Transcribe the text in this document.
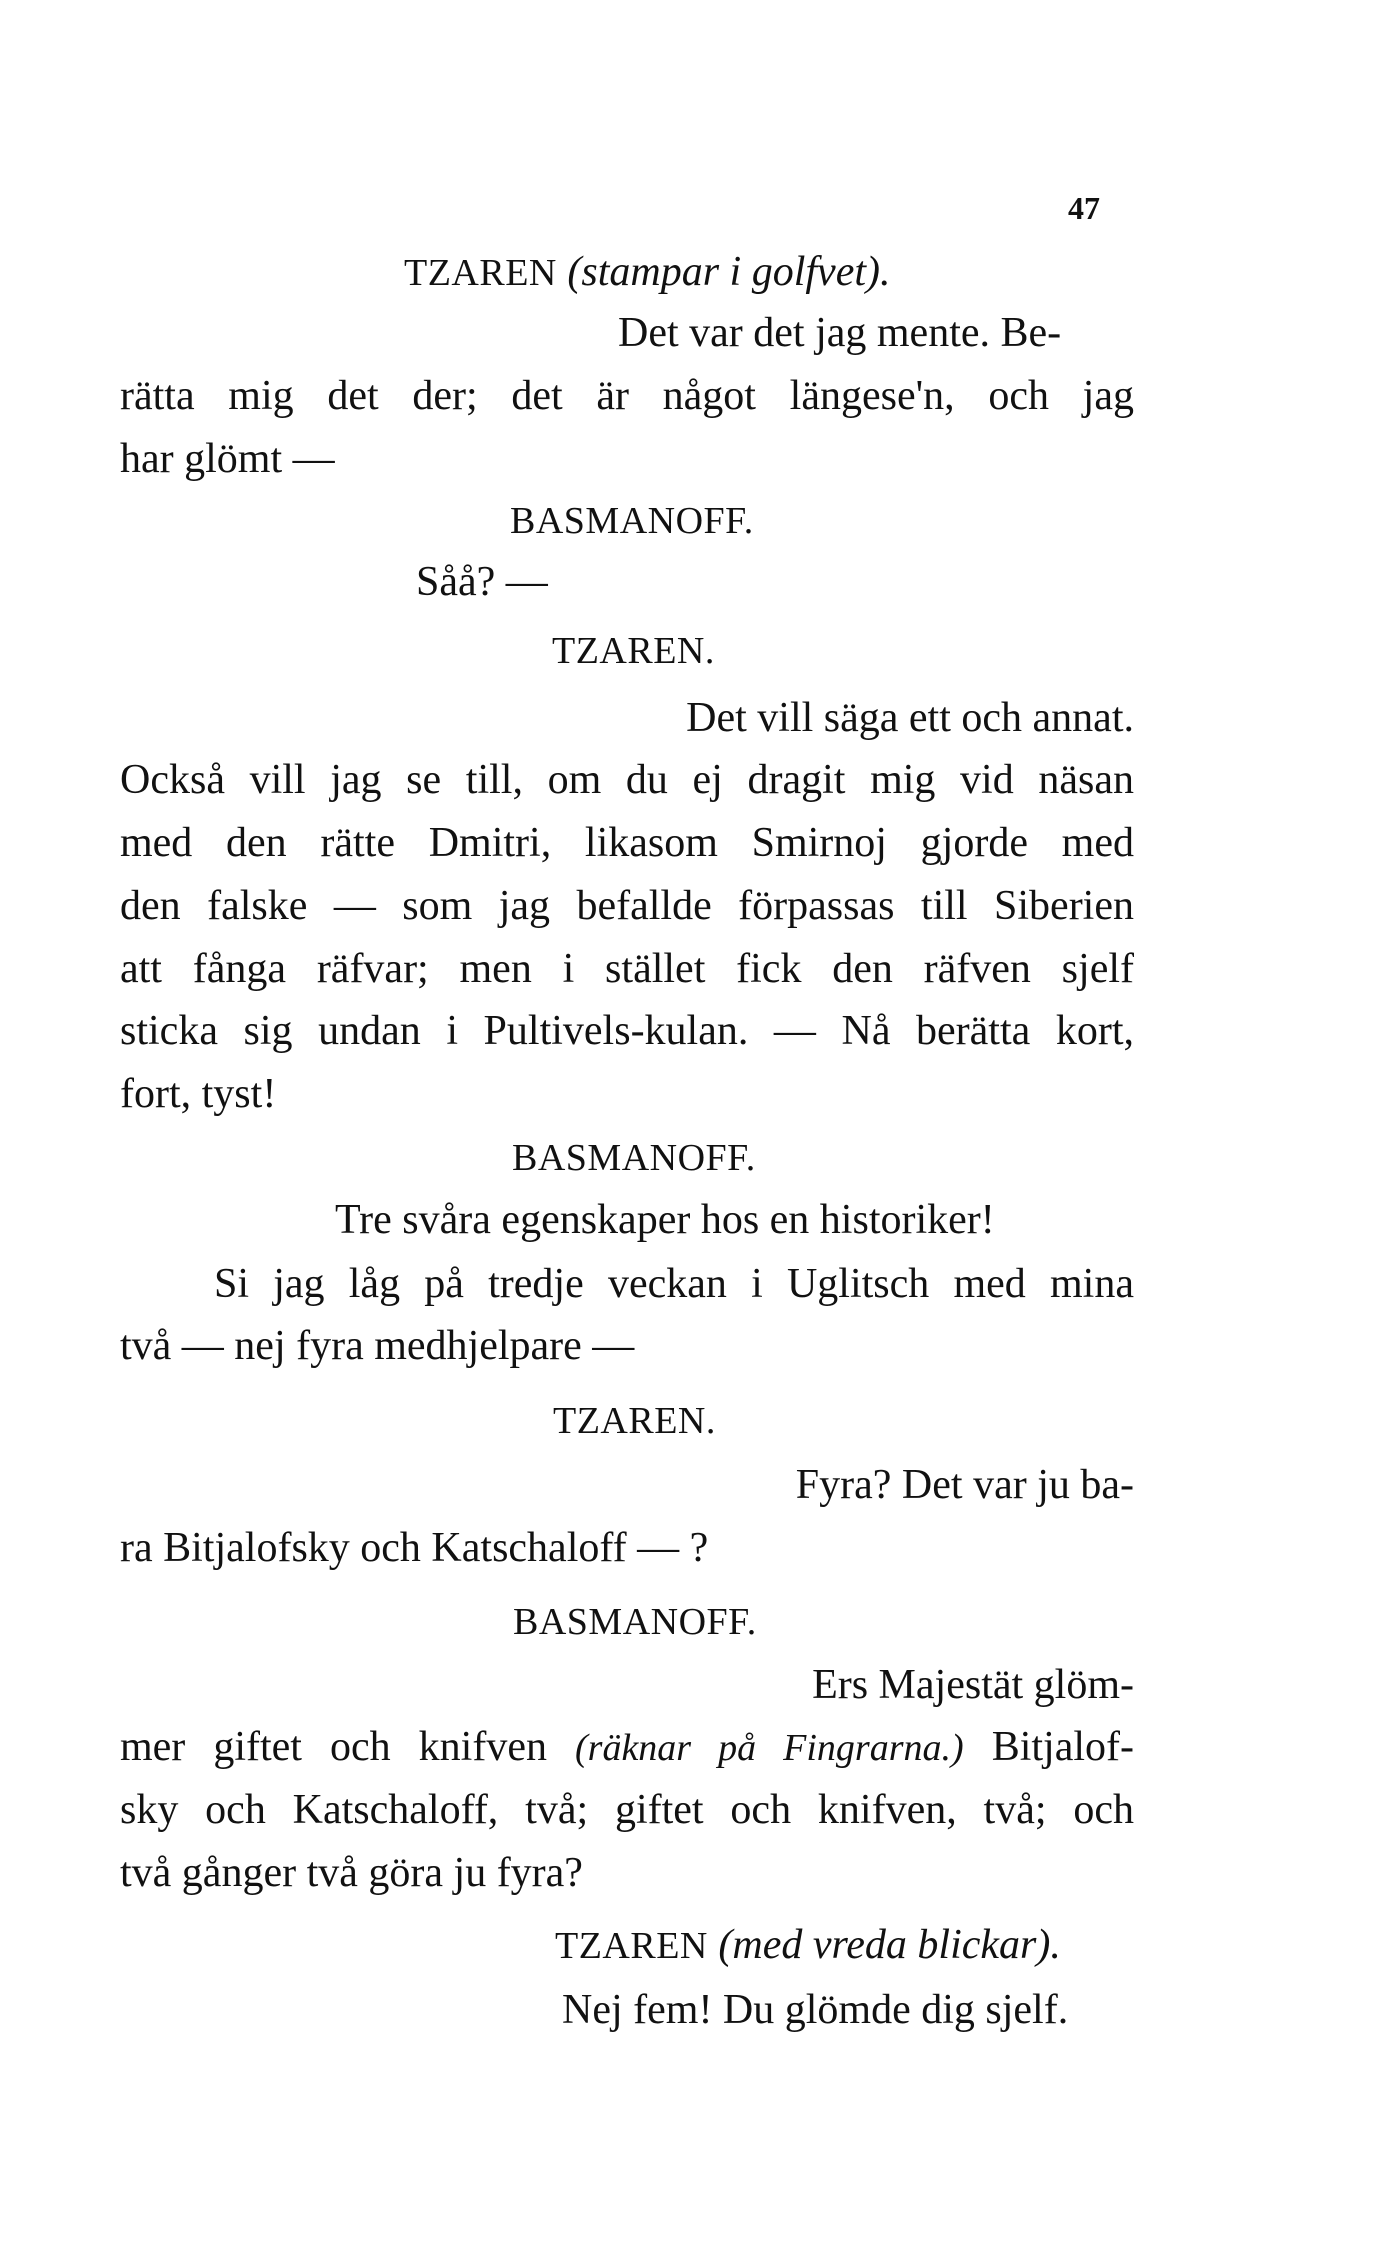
47
TZAREN (stampar i golfvet).
Det var det jag mente. Be-
rätta mig det der; det är något längese'n, och jag
har glömt —
BASMANOFF.
Såå? —
TZAREN.
Det vill säga ett och annat.
Också vill jag se till, om du ej dragit mig vid näsan
med den rätte Dmitri, likasom Smirnoj gjorde med
den falske — som jag befallde förpassas till Siberien
att fånga räfvar; men i stället fick den räfven sjelf
sticka sig undan i Pultivels-kulan. — Nå berätta kort,
fort, tyst!
BASMANOFF.
Tre svåra egenskaper hos en historiker!
Si jag låg på tredje veckan i Uglitsch med mina
två — nej fyra medhjelpare —
TZAREN.
Fyra? Det var ju ba-
ra Bitjalofsky och Katschaloff — ?
BASMANOFF.
Ers Majestät glöm-
mer giftet och knifven (räknar på Fingrarna.) Bitjalof-
sky och Katschaloff, två; giftet och knifven, två; och
två gånger två göra ju fyra?
TZAREN (med vreda blickar).
Nej fem! Du glömde dig sjelf.
